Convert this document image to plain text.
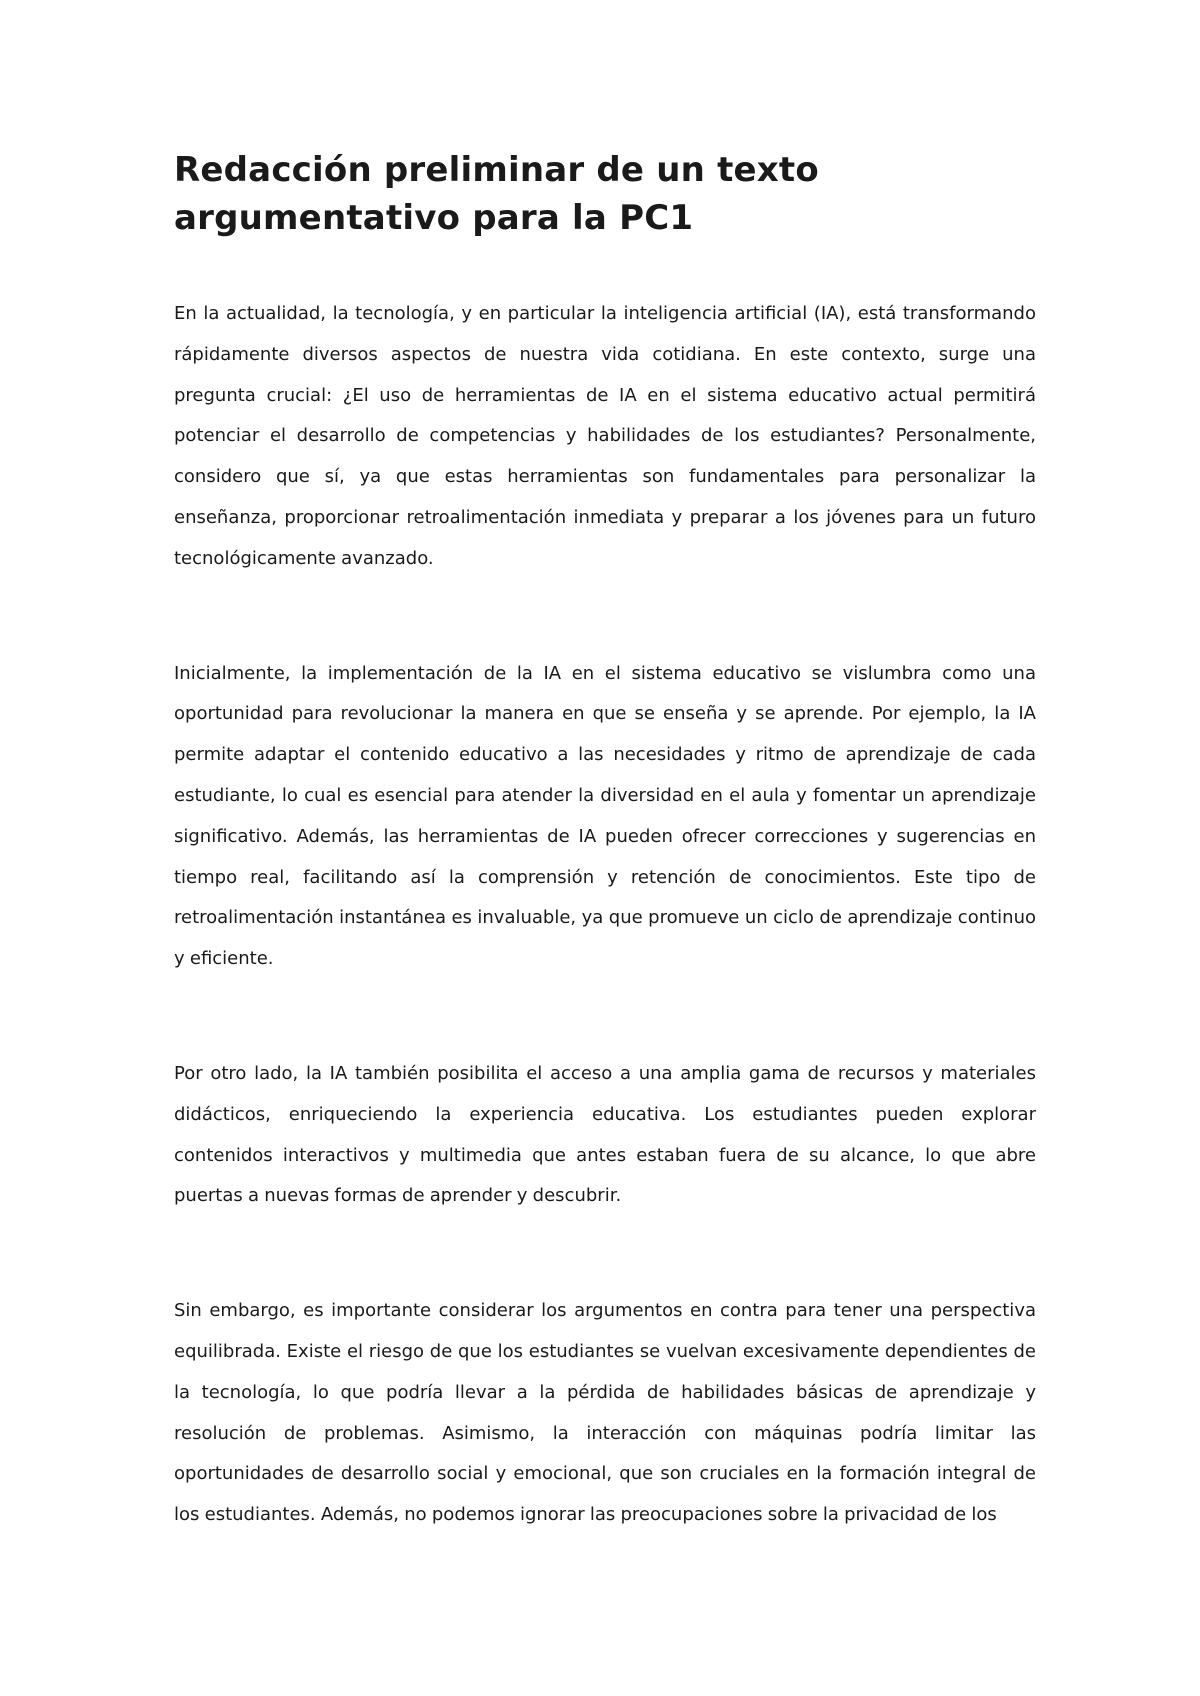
Redacción preliminar de un texto argumentativo para la PC1

En la actualidad, la tecnología, y en particular la inteligencia artificial (IA), está transformando rápidamente diversos aspectos de nuestra vida cotidiana. En este contexto, surge una pregunta crucial: ¿El uso de herramientas de IA en el sistema educativo actual permitirá potenciar el desarrollo de competencias y habilidades de los estudiantes? Personalmente, considero que sí, ya que estas herramientas son fundamentales para personalizar la enseñanza, proporcionar retroalimentación inmediata y preparar a los jóvenes para un futuro tecnológicamente avanzado.

Inicialmente, la implementación de la IA en el sistema educativo se vislumbra como una oportunidad para revolucionar la manera en que se enseña y se aprende. Por ejemplo, la IA permite adaptar el contenido educativo a las necesidades y ritmo de aprendizaje de cada estudiante, lo cual es esencial para atender la diversidad en el aula y fomentar un aprendizaje significativo. Además, las herramientas de IA pueden ofrecer correcciones y sugerencias en tiempo real, facilitando así la comprensión y retención de conocimientos. Este tipo de retroalimentación instantánea es invaluable, ya que promueve un ciclo de aprendizaje continuo y eficiente.

Por otro lado, la IA también posibilita el acceso a una amplia gama de recursos y materiales didácticos, enriqueciendo la experiencia educativa. Los estudiantes pueden explorar contenidos interactivos y multimedia que antes estaban fuera de su alcance, lo que abre puertas a nuevas formas de aprender y descubrir.

Sin embargo, es importante considerar los argumentos en contra para tener una perspectiva equilibrada. Existe el riesgo de que los estudiantes se vuelvan excesivamente dependientes de la tecnología, lo que podría llevar a la pérdida de habilidades básicas de aprendizaje y resolución de problemas. Asimismo, la interacción con máquinas podría limitar las oportunidades de desarrollo social y emocional, que son cruciales en la formación integral de los estudiantes. Además, no podemos ignorar las preocupaciones sobre la privacidad de los
